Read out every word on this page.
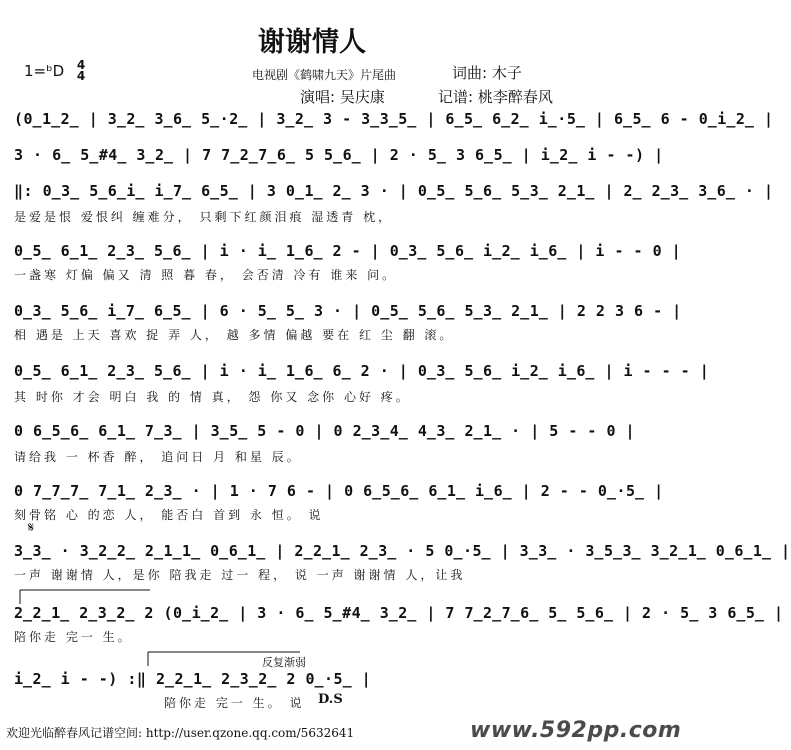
谢谢情人
1=ᵇD 4
4	电视剧《鹤啸九天》片尾曲	词曲: 木子
演唱: 吴庆康	记谱: 桃李醉春风
(0̲1̲2̲ | 3̲2̲ 3̲6̲ 5̲·2̲ | 3̲2̲ 3 - 3̲3̲5̲ | 6̲5̲ 6̲2̲ i̲·5̲ | 6̲5̲ 6 - 0̲i̲2̲ |
3 · 6̲ 5̲#4̲ 3̲2̲ | 7 7̲2̲7̲6̲ 5 5̲6̲ | 2 · 5̲ 3 6̲5̲ | i̲2̲ i - -) |
‖: 0̲3̲ 5̲6̲i̲ i̲7̲ 6̲5̲ | 3 0̲1̲ 2̲ 3 · | 0̲5̲ 5̲6̲ 5̲3̲ 2̲1̲ | 2̲ 2̲3̲ 3̲6̲ · |
是爱是恨 爱恨纠 缠难分， 只剩下红颜泪痕 湿透青 枕，
0̲5̲ 6̲1̲ 2̲3̲ 5̲6̲ | i · i̲ 1̲6̲ 2 - | 0̲3̲ 5̲6̲ i̲2̲ i̲6̲ | i - - 0 |
一盏寒 灯偏 偏又 清 照 暮 春， 会否清 冷有 谁来 问。
0̲3̲ 5̲6̲ i̲7̲ 6̲5̲ | 6 · 5̲ 5̲ 3 · | 0̲5̲ 5̲6̲ 5̲3̲ 2̲1̲ | 2 2 3 6 - |
相 遇是 上天 喜欢 捉 弄 人， 越 多情 偏越 要在 红 尘 翻 滚。
0̲5̲ 6̲1̲ 2̲3̲ 5̲6̲ | i · i̲ 1̲6̲ 6̲ 2 · | 0̲3̲ 5̲6̲ i̲2̲ i̲6̲ | i - - - |
其 时你 才会 明白 我 的 情 真， 怨 你又 念你 心好 疼。
0 6̲5̲6̲ 6̲1̲ 7̲3̲ | 3̲5̲ 5 - 0 | 0 2̲3̲4̲ 4̲3̲ 2̲1̲ · | 5 - - 0 |
请给我 一 杯香 醉， 追问日 月 和星 辰。
0 7̲7̲7̲ 7̲1̲ 2̲3̲ · | 1 · 7 6 - | 0 6̲5̲6̲ 6̲1̲ i̲6̲ | 2 - - 0̲·5̲ |
刻骨铭 心 的恋 人， 能否白 首到 永 恒。 说
𝄋
3̲3̲ · 3̲2̲2̲ 2̲1̲1̲ 0̲6̲1̲ | 2̲2̲1̲ 2̲3̲ · 5 0̲·5̲ | 3̲3̲ · 3̲5̲3̲ 3̲2̲1̲ 0̲6̲1̲ |
一声 谢谢情 人，是你 陪我走 过一 程， 说 一声 谢谢情 人，让我
2̲2̲1̲ 2̲3̲2̲ 2 (0̲i̲2̲ | 3 · 6̲ 5̲#4̲ 3̲2̲ | 7 7̲2̲7̲6̲ 5̲ 5̲6̲ | 2 · 5̲ 3 6̲5̲ |
陪你走 完一 生。
反复渐弱
i̲2̲ i - -) :‖ 2̲2̲1̲ 2̲3̲2̲ 2 0̲·5̲ |
陪你走 完一 生。 说	D.S
欢迎光临醉春风记谱空间: http://user.qzone.qq.com/5632641	www.592pp.com
